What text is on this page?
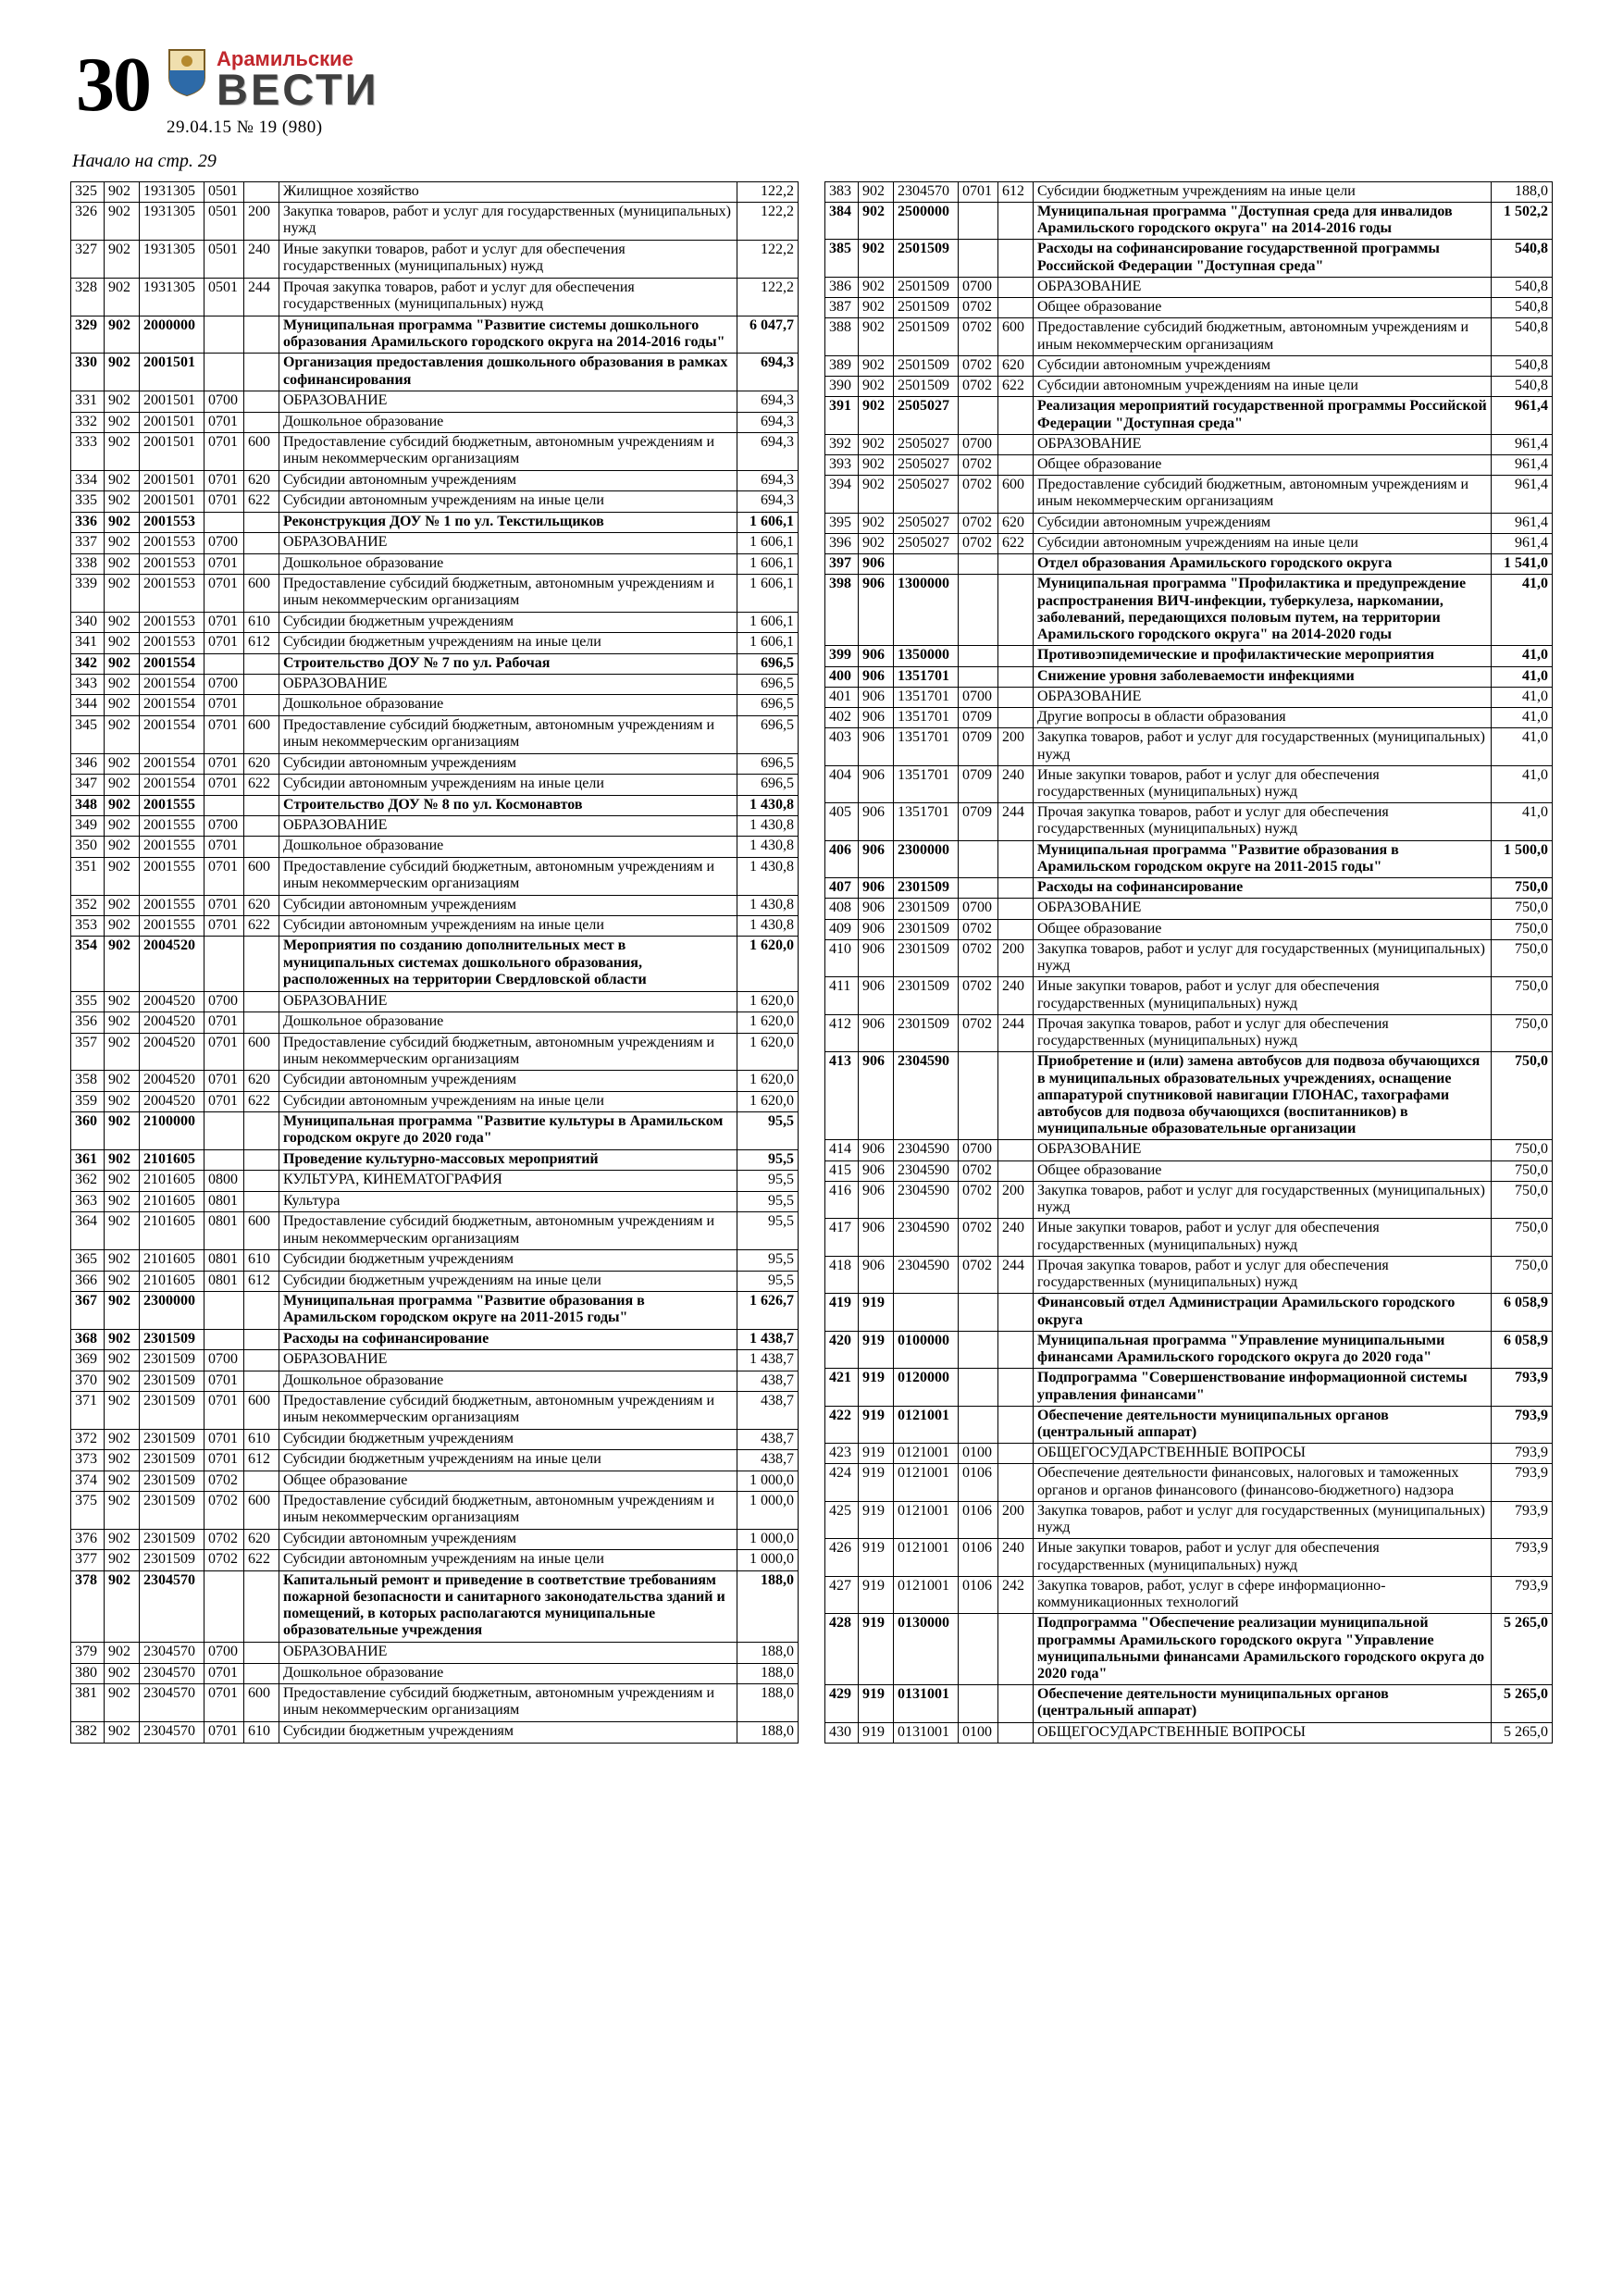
30	Арамильские
ВЕСТИ
29.04.15 № 19 (980)
Начало на стр. 29
325	902	1931305	0501		Жилищное хозяйство	122,2
326	902	1931305	0501	200	Закупка товаров, работ и услуг для государственных (муниципальных) нужд	122,2
327	902	1931305	0501	240	Иные закупки товаров, работ и услуг для обеспечения государственных (муниципальных) нужд	122,2
328	902	1931305	0501	244	Прочая закупка товаров, работ и услуг для обеспечения государственных (муниципальных) нужд	122,2
329	902	2000000			Муниципальная программа "Развитие системы дошкольного образования Арамильского городского округа на 2014-2016 годы"	6 047,7
330	902	2001501			Организация предоставления дошкольного образования в рамках софинансирования	694,3
331	902	2001501	0700		ОБРАЗОВАНИЕ	694,3
332	902	2001501	0701		Дошкольное образование	694,3
333	902	2001501	0701	600	Предоставление субсидий бюджетным, автономным учреждениям и иным некоммерческим организациям	694,3
334	902	2001501	0701	620	Субсидии автономным учреждениям	694,3
335	902	2001501	0701	622	Субсидии автономным учреждениям на иные цели	694,3
336	902	2001553			Реконструкция ДОУ № 1 по ул. Текстильщиков	1 606,1
337	902	2001553	0700		ОБРАЗОВАНИЕ	1 606,1
338	902	2001553	0701		Дошкольное образование	1 606,1
339	902	2001553	0701	600	Предоставление субсидий бюджетным, автономным учреждениям и иным некоммерческим организациям	1 606,1
340	902	2001553	0701	610	Субсидии бюджетным учреждениям	1 606,1
341	902	2001553	0701	612	Субсидии бюджетным учреждениям на иные цели	1 606,1
342	902	2001554			Строительство ДОУ № 7 по ул. Рабочая	696,5
343	902	2001554	0700		ОБРАЗОВАНИЕ	696,5
344	902	2001554	0701		Дошкольное образование	696,5
345	902	2001554	0701	600	Предоставление субсидий бюджетным, автономным учреждениям и иным некоммерческим организациям	696,5
346	902	2001554	0701	620	Субсидии автономным учреждениям	696,5
347	902	2001554	0701	622	Субсидии автономным учреждениям на иные цели	696,5
348	902	2001555			Строительство ДОУ № 8 по ул. Космонавтов	1 430,8
349	902	2001555	0700		ОБРАЗОВАНИЕ	1 430,8
350	902	2001555	0701		Дошкольное образование	1 430,8
351	902	2001555	0701	600	Предоставление субсидий бюджетным, автономным учреждениям и иным некоммерческим организациям	1 430,8
352	902	2001555	0701	620	Субсидии автономным учреждениям	1 430,8
353	902	2001555	0701	622	Субсидии автономным учреждениям на иные цели	1 430,8
354	902	2004520			Мероприятия по созданию дополнительных мест в муниципальных системах дошкольного образования, расположенных на территории Свердловской области	1 620,0
355	902	2004520	0700		ОБРАЗОВАНИЕ	1 620,0
356	902	2004520	0701		Дошкольное образование	1 620,0
357	902	2004520	0701	600	Предоставление субсидий бюджетным, автономным учреждениям и иным некоммерческим организациям	1 620,0
358	902	2004520	0701	620	Субсидии автономным учреждениям	1 620,0
359	902	2004520	0701	622	Субсидии автономным учреждениям на иные цели	1 620,0
360	902	2100000			Муниципальная программа "Развитие культуры в Арамильском городском округе до 2020 года"	95,5
361	902	2101605			Проведение культурно-массовых мероприятий	95,5
362	902	2101605	0800		КУЛЬТУРА, КИНЕМАТОГРАФИЯ	95,5
363	902	2101605	0801		Культура	95,5
364	902	2101605	0801	600	Предоставление субсидий бюджетным, автономным учреждениям и иным некоммерческим организациям	95,5
365	902	2101605	0801	610	Субсидии бюджетным учреждениям	95,5
366	902	2101605	0801	612	Субсидии бюджетным учреждениям на иные цели	95,5
367	902	2300000			Муниципальная программа "Развитие образования в Арамильском городском округе на 2011-2015 годы"	1 626,7
368	902	2301509			Расходы на софинансирование	1 438,7
369	902	2301509	0700		ОБРАЗОВАНИЕ	1 438,7
370	902	2301509	0701		Дошкольное образование	438,7
371	902	2301509	0701	600	Предоставление субсидий бюджетным, автономным учреждениям и иным некоммерческим организациям	438,7
372	902	2301509	0701	610	Субсидии бюджетным учреждениям	438,7
373	902	2301509	0701	612	Субсидии бюджетным учреждениям на иные цели	438,7
374	902	2301509	0702		Общее образование	1 000,0
375	902	2301509	0702	600	Предоставление субсидий бюджетным, автономным учреждениям и иным некоммерческим организациям	1 000,0
376	902	2301509	0702	620	Субсидии автономным учреждениям	1 000,0
377	902	2301509	0702	622	Субсидии автономным учреждениям на иные цели	1 000,0
378	902	2304570			Капитальный ремонт и приведение в соответствие требованиям пожарной безопасности и санитарного законодательства зданий и помещений, в которых располагаются муниципальные образовательные учреждения	188,0
379	902	2304570	0700		ОБРАЗОВАНИЕ	188,0
380	902	2304570	0701		Дошкольное образование	188,0
381	902	2304570	0701	600	Предоставление субсидий бюджетным, автономным учреждениям и иным некоммерческим организациям	188,0
382	902	2304570	0701	610	Субсидии бюджетным учреждениям	188,0
383	902	2304570	0701	612	Субсидии бюджетным учреждениям на иные цели	188,0
384	902	2500000			Муниципальная программа "Доступная среда для инвалидов Арамильского городского округа" на 2014-2016 годы	1 502,2
385	902	2501509			Расходы на софинансирование государственной программы Российской Федерации "Доступная среда"	540,8
386	902	2501509	0700		ОБРАЗОВАНИЕ	540,8
387	902	2501509	0702		Общее образование	540,8
388	902	2501509	0702	600	Предоставление субсидий бюджетным, автономным учреждениям и иным некоммерческим организациям	540,8
389	902	2501509	0702	620	Субсидии автономным учреждениям	540,8
390	902	2501509	0702	622	Субсидии автономным учреждениям на иные цели	540,8
391	902	2505027			Реализация мероприятий государственной программы Российской Федерации "Доступная среда"	961,4
392	902	2505027	0700		ОБРАЗОВАНИЕ	961,4
393	902	2505027	0702		Общее образование	961,4
394	902	2505027	0702	600	Предоставление субсидий бюджетным, автономным учреждениям и иным некоммерческим организациям	961,4
395	902	2505027	0702	620	Субсидии автономным учреждениям	961,4
396	902	2505027	0702	622	Субсидии автономным учреждениям на иные цели	961,4
397	906				Отдел образования Арамильского городского округа	1 541,0
398	906	1300000			Муниципальная программа "Профилактика и предупреждение распространения ВИЧ-инфекции, туберкулеза, наркомании, заболеваний, передающихся половым путем, на территории Арамильского городского округа" на 2014-2020 годы	41,0
399	906	1350000			Противоэпидемические и профилактические мероприятия	41,0
400	906	1351701			Снижение уровня заболеваемости инфекциями	41,0
401	906	1351701	0700		ОБРАЗОВАНИЕ	41,0
402	906	1351701	0709		Другие вопросы в области образования	41,0
403	906	1351701	0709	200	Закупка товаров, работ и услуг для государственных (муниципальных) нужд	41,0
404	906	1351701	0709	240	Иные закупки товаров, работ и услуг для обеспечения государственных (муниципальных) нужд	41,0
405	906	1351701	0709	244	Прочая закупка товаров, работ и услуг для обеспечения государственных (муниципальных) нужд	41,0
406	906	2300000			Муниципальная программа "Развитие образования в Арамильском городском округе на 2011-2015 годы"	1 500,0
407	906	2301509			Расходы на софинансирование	750,0
408	906	2301509	0700		ОБРАЗОВАНИЕ	750,0
409	906	2301509	0702		Общее образование	750,0
410	906	2301509	0702	200	Закупка товаров, работ и услуг для государственных (муниципальных) нужд	750,0
411	906	2301509	0702	240	Иные закупки товаров, работ и услуг для обеспечения государственных (муниципальных) нужд	750,0
412	906	2301509	0702	244	Прочая закупка товаров, работ и услуг для обеспечения государственных (муниципальных) нужд	750,0
413	906	2304590			Приобретение и (или) замена автобусов для подвоза обучающихся в муниципальных образовательных учреждениях, оснащение аппаратурой спутниковой навигации ГЛОНАС, тахографами автобусов для подвоза обучающихся (воспитанников) в муниципальные образовательные организации	750,0
414	906	2304590	0700		ОБРАЗОВАНИЕ	750,0
415	906	2304590	0702		Общее образование	750,0
416	906	2304590	0702	200	Закупка товаров, работ и услуг для государственных (муниципальных) нужд	750,0
417	906	2304590	0702	240	Иные закупки товаров, работ и услуг для обеспечения государственных (муниципальных) нужд	750,0
418	906	2304590	0702	244	Прочая закупка товаров, работ и услуг для обеспечения государственных (муниципальных) нужд	750,0
419	919				Финансовый отдел Администрации Арамильского городского округа	6 058,9
420	919	0100000			Муниципальная программа "Управление муниципальными финансами Арамильского городского округа до 2020 года"	6 058,9
421	919	0120000			Подпрограмма "Совершенствование информационной системы управления финансами"	793,9
422	919	0121001			Обеспечение деятельности муниципальных органов (центральный аппарат)	793,9
423	919	0121001	0100		ОБЩЕГОСУДАРСТВЕННЫЕ ВОПРОСЫ	793,9
424	919	0121001	0106		Обеспечение деятельности финансовых, налоговых и таможенных органов и органов финансового (финансово-бюджетного) надзора	793,9
425	919	0121001	0106	200	Закупка товаров, работ и услуг для государственных (муниципальных) нужд	793,9
426	919	0121001	0106	240	Иные закупки товаров, работ и услуг для обеспечения государственных (муниципальных) нужд	793,9
427	919	0121001	0106	242	Закупка товаров, работ, услуг в сфере информационно-коммуникационных технологий	793,9
428	919	0130000			Подпрограмма "Обеспечение реализации муниципальной программы Арамильского городского округа "Управление муниципальными финансами Арамильского городского округа до 2020 года"	5 265,0
429	919	0131001			Обеспечение деятельности муниципальных органов (центральный аппарат)	5 265,0
430	919	0131001	0100		ОБЩЕГОСУДАРСТВЕННЫЕ ВОПРОСЫ	5 265,0
